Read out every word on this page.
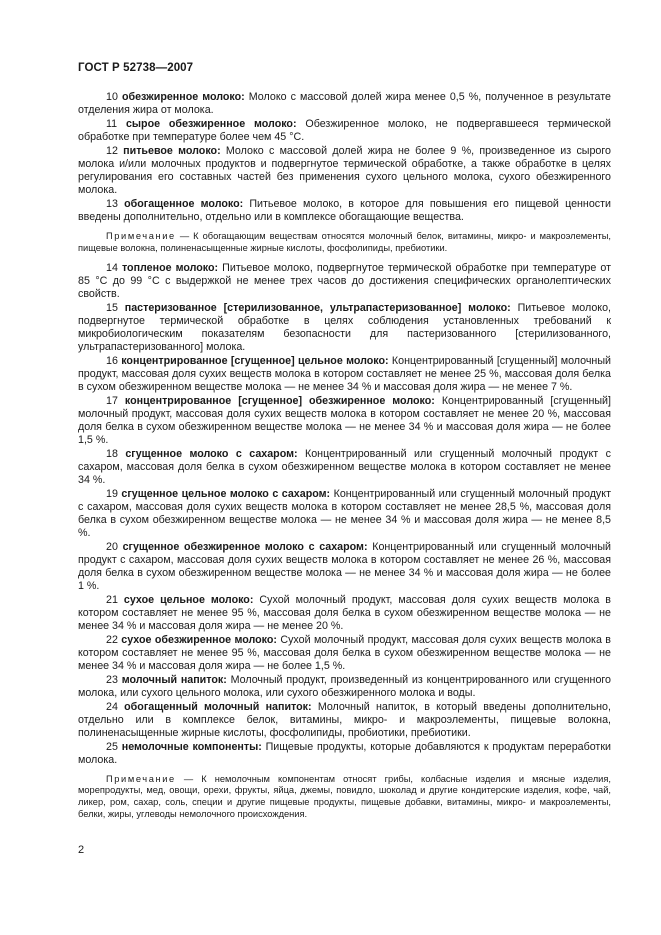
ГОСТ Р 52738—2007

10 обезжиренное молоко: Молоко с массовой долей жира менее 0,5 %, полученное в результате отделения жира от молока.

11 сырое обезжиренное молоко: Обезжиренное молоко, не подвергавшееся термической обработке при температуре более чем 45 °С.

12 питьевое молоко: Молоко с массовой долей жира не более 9 %, произведенное из сырого молока и/или молочных продуктов и подвергнутое термической обработке, а также обработке в целях регулирования его составных частей без применения сухого цельного молока, сухого обезжиренного молока.

13 обогащенное молоко: Питьевое молоко, в которое для повышения его пищевой ценности введены дополнительно, отдельно или в комплексе обогащающие вещества.

Примечание — К обогащающим веществам относятся молочный белок, витамины, микро- и макроэлементы, пищевые волокна, полиненасыщенные жирные кислоты, фосфолипиды, пребиотики.

14 топленое молоко: Питьевое молоко, подвергнутое термической обработке при температуре от 85 °С до 99 °С с выдержкой не менее трех часов до достижения специфических органолептических свойств.

15 пастеризованное [стерилизованное, ультрапастеризованное] молоко: Питьевое молоко, подвергнутое термической обработке в целях соблюдения установленных требований к микробиологическим показателям безопасности для пастеризованного [стерилизованного, ультрапастеризованного] молока.

16 концентрированное [сгущенное] цельное молоко: Концентрированный [сгущенный] молочный продукт, массовая доля сухих веществ молока в котором составляет не менее 25 %, массовая доля белка в сухом обезжиренном веществе молока — не менее 34 % и массовая доля жира — не менее 7 %.

17 концентрированное [сгущенное] обезжиренное молоко: Концентрированный [сгущенный] молочный продукт, массовая доля сухих веществ молока в котором составляет не менее 20 %, массовая доля белка в сухом обезжиренном веществе молока — не менее 34 % и массовая доля жира — не более 1,5 %.

18 сгущенное молоко с сахаром: Концентрированный или сгущенный молочный продукт с сахаром, массовая доля белка в сухом обезжиренном веществе молока в котором составляет не менее 34 %.

19 сгущенное цельное молоко с сахаром: Концентрированный или сгущенный молочный продукт с сахаром, массовая доля сухих веществ молока в котором составляет не менее 28,5 %, массовая доля белка в сухом обезжиренном веществе молока — не менее 34 % и массовая доля жира — не менее 8,5 %.

20 сгущенное обезжиренное молоко с сахаром: Концентрированный или сгущенный молочный продукт с сахаром, массовая доля сухих веществ молока в котором составляет не менее 26 %, массовая доля белка в сухом обезжиренном веществе молока — не менее 34 % и массовая доля жира — не более 1 %.

21 сухое цельное молоко: Сухой молочный продукт, массовая доля сухих веществ молока в котором составляет не менее 95 %, массовая доля белка в сухом обезжиренном веществе молока — не менее 34 % и массовая доля жира — не менее 20 %.

22 сухое обезжиренное молоко: Сухой молочный продукт, массовая доля сухих веществ молока в котором составляет не менее 95 %, массовая доля белка в сухом обезжиренном веществе молока — не менее 34 % и массовая доля жира — не более 1,5 %.

23 молочный напиток: Молочный продукт, произведенный из концентрированного или сгущенного молока, или сухого цельного молока, или сухого обезжиренного молока и воды.

24 обогащенный молочный напиток: Молочный напиток, в который введены дополнительно, отдельно или в комплексе белок, витамины, микро- и макроэлементы, пищевые волокна, полиненасыщенные жирные кислоты, фосфолипиды, пробиотики, пребиотики.

25 немолочные компоненты: Пищевые продукты, которые добавляются к продуктам переработки молока.

Примечание — К немолочным компонентам относят грибы, колбасные изделия и мясные изделия, морепродукты, мед, овощи, орехи, фрукты, яйца, джемы, повидло, шоколад и другие кондитерские изделия, кофе, чай, ликер, ром, сахар, соль, специи и другие пищевые продукты, пищевые добавки, витамины, микро- и макроэлементы, белки, жиры, углеводы немолочного происхождения.

2
